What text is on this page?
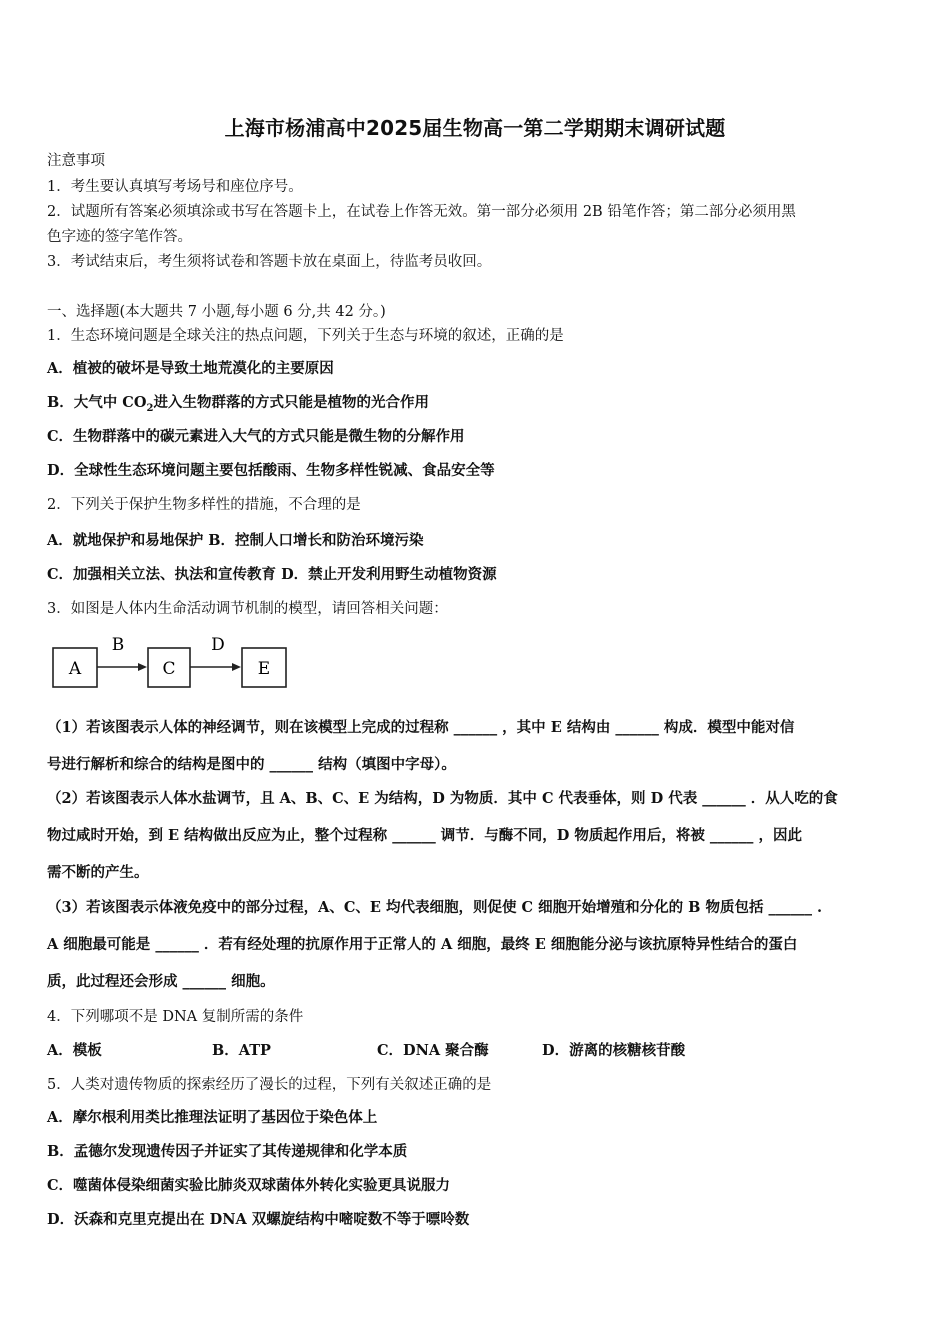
上海市杨浦高中2025届生物高一第二学期期末调研试题
注意事项
1．考生要认真填写考场号和座位序号。
2．试题所有答案必须填涂或书写在答题卡上，在试卷上作答无效。第一部分必须用 2B 铅笔作答；第二部分必须用黑
色字迹的签字笔作答。
3．考试结束后，考生须将试卷和答题卡放在桌面上，待监考员收回。
一、选择题(本大题共 7 小题,每小题 6 分,共 42 分。)
1．生态环境问题是全球关注的热点问题，下列关于生态与环境的叙述，正确的是
A．植被的破坏是导致土地荒漠化的主要原因
B．大气中 $CO_2$进入生物群落的方式只能是植物的光合作用
C．生物群落中的碳元素进入大气的方式只能是微生物的分解作用
D．全球性生态环境问题主要包括酸雨、生物多样性锐减、食品安全等
2．下列关于保护生物多样性的措施，不合理的是
A．就地保护和易地保护 B．控制人口增长和防治环境污染
C．加强相关立法、执法和宣传教育 D．禁止开发利用野生动植物资源
3．如图是人体内生命活动调节机制的模型，请回答相关问题：
A
B
C
D
E
（1）若该图表示人体的神经调节，则在该模型上完成的过程称 ______ ，其中 E 结构由 ______ 构成．模型中能对信
号进行解析和综合的结构是图中的 ______ 结构（填图中字母）。
（2）若该图表示人体水盐调节，且 A、B、C、E 为结构，D 为物质．其中 C 代表垂体，则 D 代表 ______ ．从人吃的食
物过咸时开始，到 E 结构做出反应为止，整个过程称 ______ 调节．与酶不同，D 物质起作用后，将被 ______ ，因此
需不断的产生。
（3）若该图表示体液免疫中的部分过程，A、C、E 均代表细胞，则促使 C 细胞开始增殖和分化的 B 物质包括 ______ .
A 细胞最可能是 ______ ．若有经处理的抗原作用于正常人的 A 细胞，最终 E 细胞能分泌与该抗原特异性结合的蛋白
质，此过程还会形成 ______ 细胞。
4．下列哪项不是 DNA 复制所需的条件
A．模板	B．ATP	C．DNA 聚合酶	D．游离的核糖核苷酸
5．人类对遗传物质的探索经历了漫长的过程，下列有关叙述正确的是
A．摩尔根利用类比推理法证明了基因位于染色体上
B．孟德尔发现遗传因子并证实了其传递规律和化学本质
C．噬菌体侵染细菌实验比肺炎双球菌体外转化实验更具说服力
D．沃森和克里克提出在 DNA 双螺旋结构中嘧啶数不等于嘌呤数
